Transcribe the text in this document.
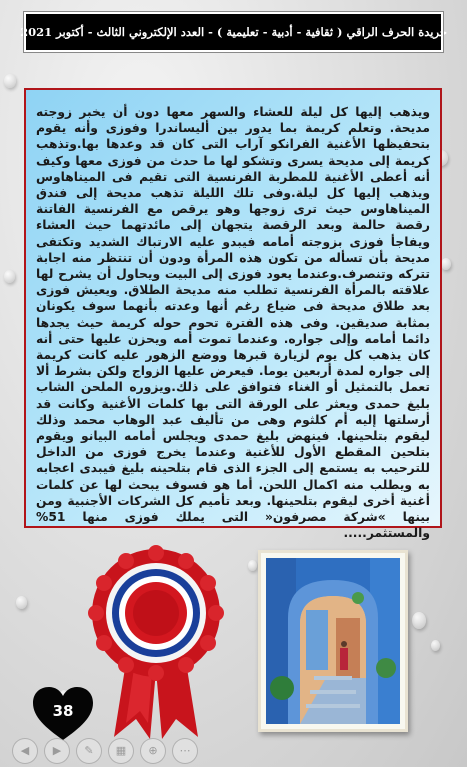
جريدة الحرف الراقي ( ثقافية - أدبية - تعليمية ) - العدد الإلكتروني الثالث - أكتوبر 2021

ويذهب إليها كل ليلة للعشاء والسهر معها دون أن يخبر زوجته مديحة. وتعلم كريمة بما يدور بين أليساندرا وفوزى وأنه يقوم بتحفيظها الأغنية الفرانكو آراب التى كان قد وعدها بها.وتذهب كريمة إلى مديحة يسرى وتشكو لها ما حدث من فوزى معها وكيف أنه أعطى الأغنية للمطربة الفرنسية التى تقيم فى الميناهاوس ويذهب إليها كل ليلة.وفى تلك الليلة تذهب مديحة إلى فندق الميناهاوس حيث ترى زوجها وهو يرقص مع الفرنسية الفاتنة رقصة حالمة وبعد الرقصة يتجهان إلى مائدتهما حيث العشاء ويفاجأ فوزى بزوجته أمامه فيبدو عليه الارتباك الشديد وتكتفى مديحة بأن تسأله من تكون هذه المرأة ودون أن تنتظر منه اجابة تتركه وتنصرف.وعندما يعود فوزى إلى البيت ويحاول أن يشرح لها علاقته بالمرأة الفرنسية تطلب منه مديحة الطلاق. ويعيش فوزى بعد طلاق مديحة فى ضياع رغم أنها وعدته بأنهما سوف يكونان بمثابة صديقين. وفى هذه الفترة تحوم حوله كريمة حيث يجدها دائما أمامه وإلى جواره. وعندما تموت أمه ويحزن عليها حتى أنه كان يذهب كل يوم لزيارة قبرها ووضع الزهور عليه كانت كريمة إلى جواره لمدة أربعين يوما. فيعرض عليها الزواج ولكن بشرط ألا تعمل بالتمثيل أو الغناء فتوافق على ذلك.ويزوره الملحن الشاب بليغ حمدى ويعثر على الورقة التى بها كلمات الأغنية وكانت قد أرسلتها إليه أم كلثوم وهى من تأليف عبد الوهاب محمد وذلك ليقوم بتلحينها. فينهض بليغ حمدى ويجلس أمامه البيانو ويقوم بتلحين المقطع الأول للأغنية وعندما يخرج فوزى من الداخل للترحيب به يستمع إلى الجزء الذى قام بتلحينه بليغ فيبدى اعجابه به ويطلب منه اكمال اللحن. أما هو فسوف يبحث لها عن كلمات أغنية أخرى ليقوم بتلحينها. وبعد تأميم كل الشركات الأجنبية ومن بينها »شركة مصرفون« التى يملك فوزى منها 51% والمستثمر.....

38
◀ ▶ ✎ ▦ ⊕ ⋯
